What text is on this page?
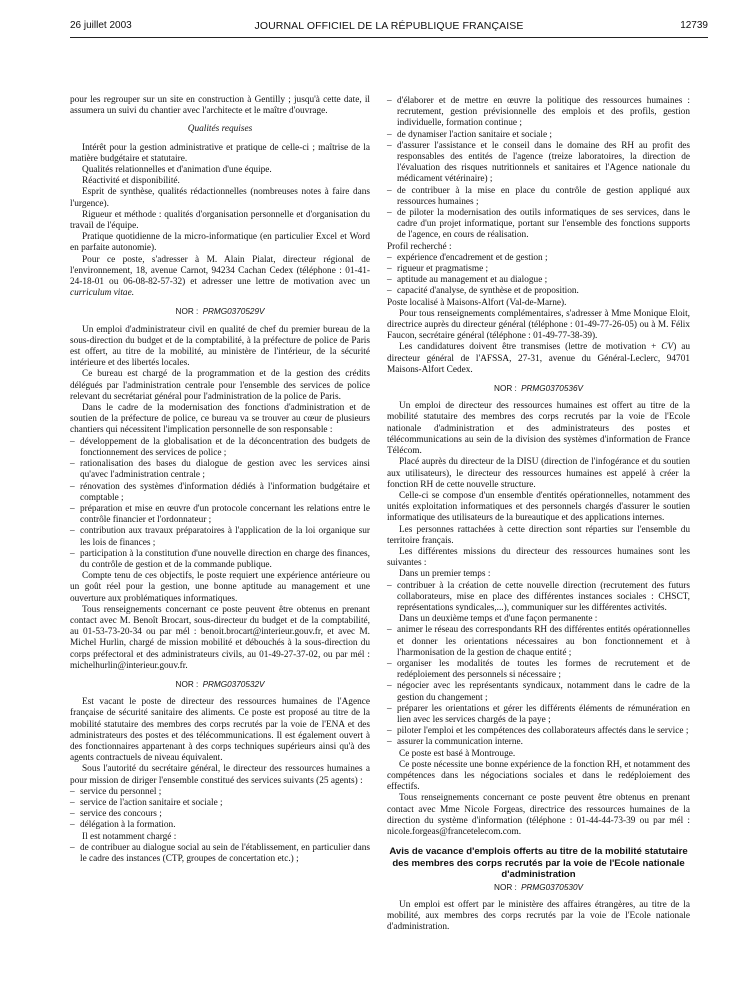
26 juillet 2003	JOURNAL OFFICIEL DE LA RÉPUBLIQUE FRANÇAISE	12739

pour les regrouper sur un site en construction à Gentilly ; jusqu'à cette date, il assumera un suivi du chantier avec l'architecte et le maître d'ouvrage.

Qualités requises

Intérêt pour la gestion administrative et pratique de celle-ci ; maîtrise de la matière budgétaire et statutaire.

Qualités relationnelles et d'animation d'une équipe.

Réactivité et disponibilité.

Esprit de synthèse, qualités rédactionnelles (nombreuses notes à faire dans l'urgence).

Rigueur et méthode : qualités d'organisation personnelle et d'organisation du travail de l'équipe.

Pratique quotidienne de la micro-informatique (en particulier Excel et Word en parfaite autonomie).

Pour ce poste, s'adresser à M. Alain Pialat, directeur régional de l'environnement, 18, avenue Carnot, 94234 Cachan Cedex (téléphone : 01-41-24-18-01 ou 06-08-82-57-32) et adresser une lettre de motivation avec un curriculum vitae.

NOR : PRMG0370529V

Un emploi d'administrateur civil en qualité de chef du premier bureau de la sous-direction du budget et de la comptabilité, à la préfecture de police de Paris est offert, au titre de la mobilité, au ministère de l'intérieur, de la sécurité intérieure et des libertés locales.

Ce bureau est chargé de la programmation et de la gestion des crédits délégués par l'administration centrale pour l'ensemble des services de police relevant du secrétariat général pour l'administration de la police de Paris.

Dans le cadre de la modernisation des fonctions d'administration et de soutien de la préfecture de police, ce bureau va se trouver au cœur de plusieurs chantiers qui nécessitent l'implication personnelle de son responsable :

– développement de la globalisation et de la déconcentration des budgets de fonctionnement des services de police ;
– rationalisation des bases du dialogue de gestion avec les services ainsi qu'avec l'administration centrale ;
– rénovation des systèmes d'information dédiés à l'information budgétaire et comptable ;
– préparation et mise en œuvre d'un protocole concernant les relations entre le contrôle financier et l'ordonnateur ;
– contribution aux travaux préparatoires à l'application de la loi organique sur les lois de finances ;
– participation à la constitution d'une nouvelle direction en charge des finances, du contrôle de gestion et de la commande publique.

Compte tenu de ces objectifs, le poste requiert une expérience antérieure ou un goût réel pour la gestion, une bonne aptitude au management et une ouverture aux problématiques informatiques.

Tous renseignements concernant ce poste peuvent être obtenus en prenant contact avec M. Benoît Brocart, sous-directeur du budget et de la comptabilité, au 01-53-73-20-34 ou par mél : benoit.brocart@interieur.gouv.fr, et avec M. Michel Hurlin, chargé de mission mobilité et débouchés à la sous-direction du corps préfectoral et des administrateurs civils, au 01-49-27-37-02, ou par mél : michelhurlin@interieur.gouv.fr.

NOR : PRMG0370532V

Est vacant le poste de directeur des ressources humaines de l'Agence française de sécurité sanitaire des aliments. Ce poste est proposé au titre de la mobilité statutaire des membres des corps recrutés par la voie de l'ENA et des administrateurs des postes et des télécommunications. Il est également ouvert à des fonctionnaires appartenant à des corps techniques supérieurs ainsi qu'à des agents contractuels de niveau équivalent.

Sous l'autorité du secrétaire général, le directeur des ressources humaines a pour mission de diriger l'ensemble constitué des services suivants (25 agents) :

– service du personnel ;
– service de l'action sanitaire et sociale ;
– service des concours ;
– délégation à la formation.

Il est notamment chargé :

– de contribuer au dialogue social au sein de l'établissement, en particulier dans le cadre des instances (CTP, groupes de concertation etc.) ;
– d'élaborer et de mettre en œuvre la politique des ressources humaines : recrutement, gestion prévisionnelle des emplois et des profils, gestion individuelle, formation continue ;
– de dynamiser l'action sanitaire et sociale ;
– d'assurer l'assistance et le conseil dans le domaine des RH au profit des responsables des entités de l'agence (treize laboratoires, la direction de l'évaluation des risques nutritionnels et sanitaires et l'Agence nationale du médicament vétérinaire) ;
– de contribuer à la mise en place du contrôle de gestion appliqué aux ressources humaines ;
– de piloter la modernisation des outils informatiques de ses services, dans le cadre d'un projet informatique, portant sur l'ensemble des fonctions supports de l'agence, en cours de réalisation.

Profil recherché :

– expérience d'encadrement et de gestion ;
– rigueur et pragmatisme ;
– aptitude au management et au dialogue ;
– capacité d'analyse, de synthèse et de proposition.

Poste localisé à Maisons-Alfort (Val-de-Marne).

Pour tous renseignements complémentaires, s'adresser à Mme Monique Eloit, directrice auprès du directeur général (téléphone : 01-49-77-26-05) ou à M. Félix Faucon, secrétaire général (téléphone : 01-49-77-38-39).

Les candidatures doivent être transmises (lettre de motivation + CV) au directeur général de l'AFSSA, 27-31, avenue du Général-Leclerc, 94701 Maisons-Alfort Cedex.

NOR : PRMG0370536V

Un emploi de directeur des ressources humaines est offert au titre de la mobilité statutaire des membres des corps recrutés par la voie de l'Ecole nationale d'administration et des administrateurs des postes et télécommunications au sein de la division des systèmes d'information de France Télécom.

Placé auprès du directeur de la DISU (direction de l'infogérance et du soutien aux utilisateurs), le directeur des ressources humaines est appelé à créer la fonction RH de cette nouvelle structure.

Celle-ci se compose d'un ensemble d'entités opérationnelles, notamment des unités exploitation informatiques et des personnels chargés d'assurer le soutien informatique des utilisateurs de la bureautique et des applications internes.

Les personnes rattachées à cette direction sont réparties sur l'ensemble du territoire français.

Les différentes missions du directeur des ressources humaines sont les suivantes :

Dans un premier temps :

– contribuer à la création de cette nouvelle direction (recrutement des futurs collaborateurs, mise en place des différentes instances sociales : CHSCT, représentations syndicales,...), communiquer sur les différentes activités.

Dans un deuxième temps et d'une façon permanente :

– animer le réseau des correspondants RH des différentes entités opérationnelles et donner les orientations nécessaires au bon fonctionnement et à l'harmonisation de la gestion de chaque entité ;
– organiser les modalités de toutes les formes de recrutement et de redéploiement des personnels si nécessaire ;
– négocier avec les représentants syndicaux, notamment dans le cadre de la gestion du changement ;
– préparer les orientations et gérer les différents éléments de rémunération en lien avec les services chargés de la paye ;
– piloter l'emploi et les compétences des collaborateurs affectés dans le service ;
– assurer la communication interne.

Ce poste est basé à Montrouge.

Ce poste nécessite une bonne expérience de la fonction RH, et notamment des compétences dans les négociations sociales et dans le redéploiement des effectifs.

Tous renseignements concernant ce poste peuvent être obtenus en prenant contact avec Mme Nicole Forgeas, directrice des ressources humaines de la direction du système d'information (téléphone : 01-44-44-73-39 ou par mél : nicole.forgeas@francetelecom.com.

Avis de vacance d'emplois offerts au titre de la mobilité statutaire des membres des corps recrutés par la voie de l'Ecole nationale d'administration
NOR : PRMG0370530V

Un emploi est offert par le ministère des affaires étrangères, au titre de la mobilité, aux membres des corps recrutés par la voie de l'Ecole nationale d'administration.
